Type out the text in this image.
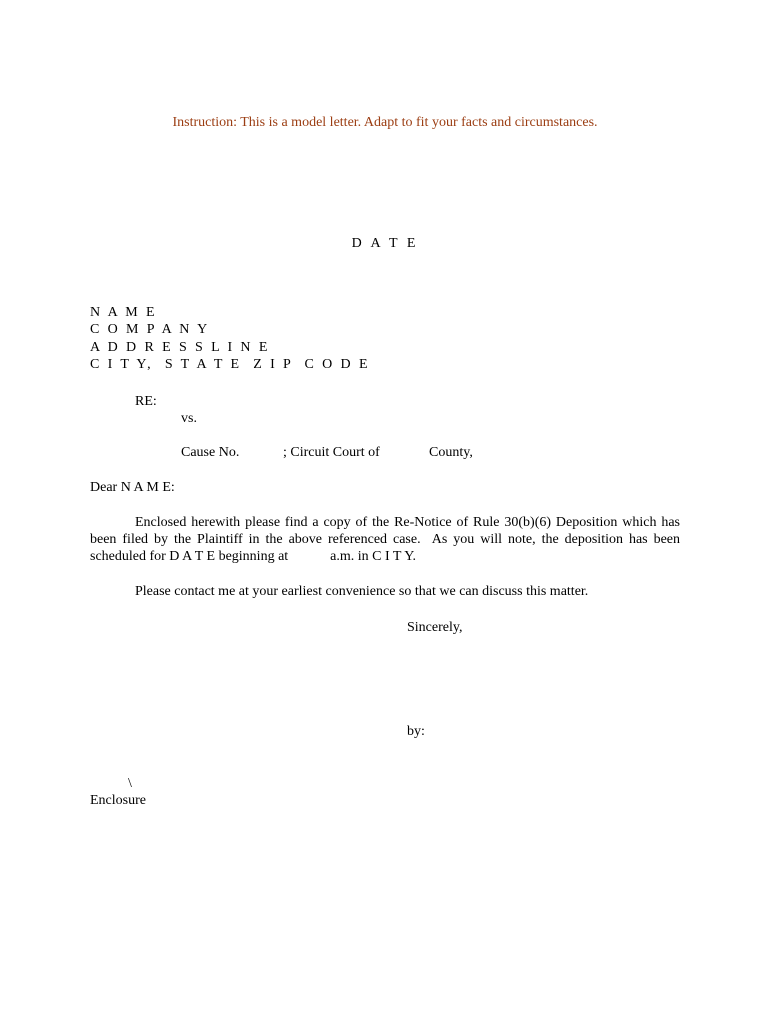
Instruction: This is a model letter. Adapt to fit your facts and circumstances.
D A T E
N A M E
C O M P A N Y
A D D R E S S L I N E
C I T Y,  S T A T E  Z I P  C O D E
RE:
vs.
Cause No.	; Circuit Court of	County,
Dear N A M E:
Enclosed herewith please find a copy of the Re-Notice of Rule 30(b)(6) Deposition which has been filed by the Plaintiff in the above referenced case.  As you will note, the deposition has been scheduled for D A T E beginning at            a.m. in C I T Y.
Please contact me at your earliest convenience so that we can discuss this matter.
Sincerely,
by:
\
Enclosure
